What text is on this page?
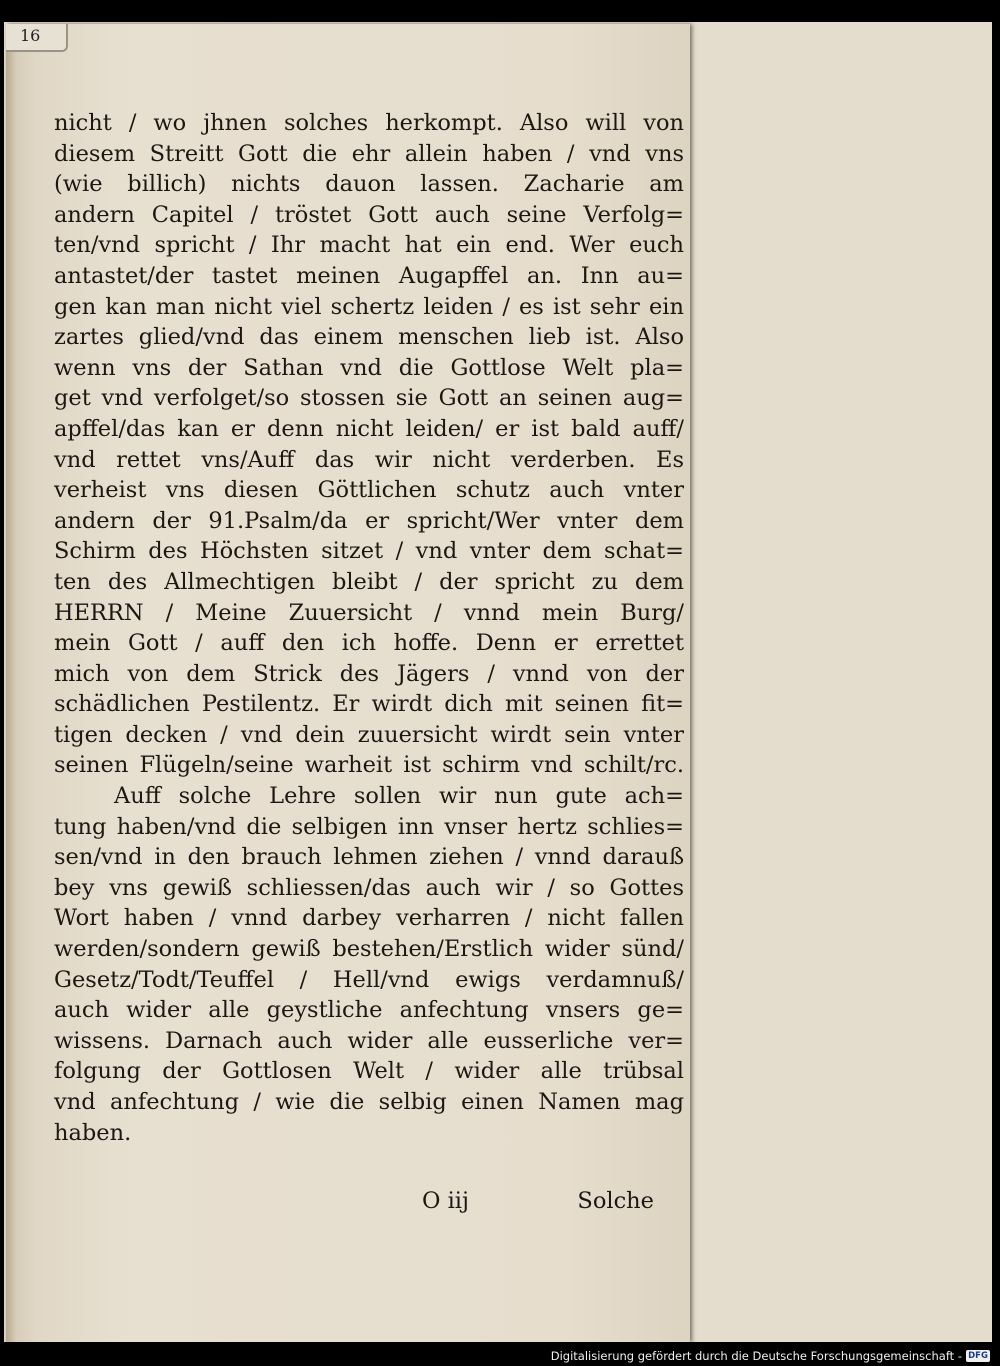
16
nicht / wo jhnen solches herkompt. Also will von
diesem Streitt Gott die ehr allein haben / vnd vns
(wie billich) nichts dauon lassen. Zacharie am
andern Capitel / tröstet Gott auch seine Verfolg=
ten/vnd spricht / Ihr macht hat ein end. Wer euch
antastet/der tastet meinen Augapffel an. Inn au=
gen kan man nicht viel schertz leiden / es ist sehr ein
zartes glied/vnd das einem menschen lieb ist. Also
wenn vns der Sathan vnd die Gottlose Welt pla=
get vnd verfolget/so stossen sie Gott an seinen aug=
apffel/das kan er denn nicht leiden/ er ist bald auff/
vnd rettet vns/Auff das wir nicht verderben. Es
verheist vns diesen Göttlichen schutz auch vnter
andern der 91.Psalm/da er spricht/Wer vnter dem
Schirm des Höchsten sitzet / vnd vnter dem schat=
ten des Allmechtigen bleibt / der spricht zu dem
HERRN / Meine Zuuersicht / vnnd mein Burg/
mein Gott / auff den ich hoffe. Denn er errettet
mich von dem Strick des Jägers / vnnd von der
schädlichen Pestilentz. Er wirdt dich mit seinen fit=
tigen decken / vnd dein zuuersicht wirdt sein vnter
seinen Flügeln/seine warheit ist schirm vnd schilt/rc.
Auff solche Lehre sollen wir nun gute ach=
tung haben/vnd die selbigen inn vnser hertz schlies=
sen/vnd in den brauch lehmen ziehen / vnnd darauß
bey vns gewiß schliessen/das auch wir / so Gottes
Wort haben / vnnd darbey verharren / nicht fallen
werden/sondern gewiß bestehen/Erstlich wider sünd/
Gesetz/Todt/Teuffel / Hell/vnd ewigs verdamnuß/
auch wider alle geystliche anfechtung vnsers ge=
wissens. Darnach auch wider alle eusserliche ver=
folgung der Gottlosen Welt / wider alle trübsal
vnd anfechtung / wie die selbig einen Namen mag
haben.
O iij	Solche
Digitalisierung gefördert durch die Deutsche Forschungsgemeinschaft - DFG
